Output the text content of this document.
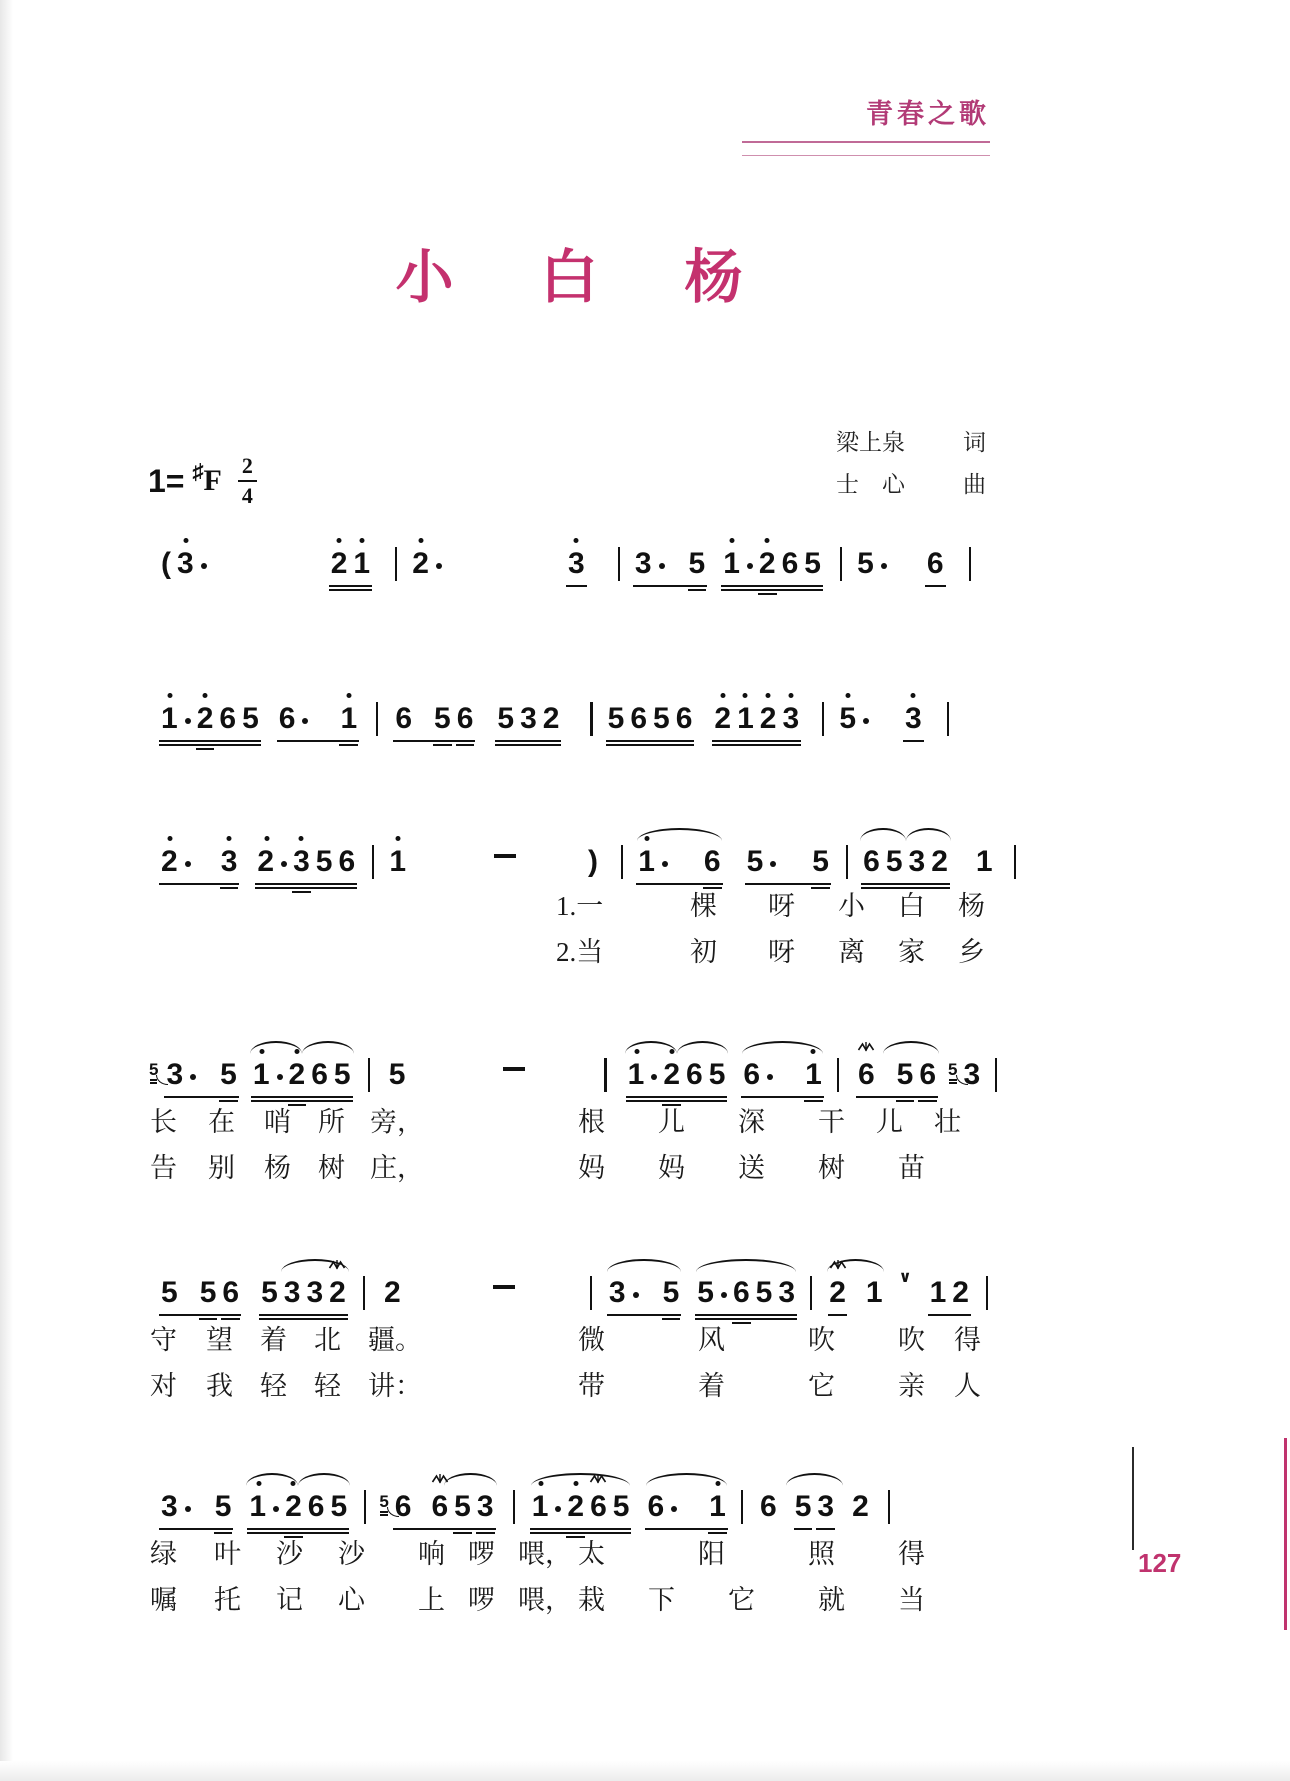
青春之歌
小 白 杨
1= ♯ F $\frac{2}{4}$
梁上泉	词
士　心	曲
( 3	2 1 2	3 3	5 1 2 6 5 5	6
1 2 6 5 6	1 6 5 6 5 3 2 5 6 5 6 2 1 2 3 5	3
2	3 2 3 5 6 1	) 1	6 5	5 6 5 3 2 1
5 3	5 1 2 6 5 5	1 2 6 5 6	1 6 5 6 5 3
5 5 6 5 3 3 2 2	3	5 5 6 5 3 2 1 ∨ 1 2
3	5 1 2 6 5 5 6 6 5 3 1 2 6 5 6	1 6 5 3 2
1.一	棵 呀 小 白 杨
2.当	初 呀 离 家 乡
长 在 哨 所 旁，	根 儿 深 干 儿 壮
告 别 杨 树 庄，	妈 妈 送 树 苗
守 望 着 北 疆。	微	风	吹 吹 得
对 我 轻 轻 讲：	带	着	它 亲 人
绿 叶 沙 沙 响 啰 喂， 太	阳	照 得
嘱 托 记 心 上 啰 喂， 栽 下 它 就 当
127
